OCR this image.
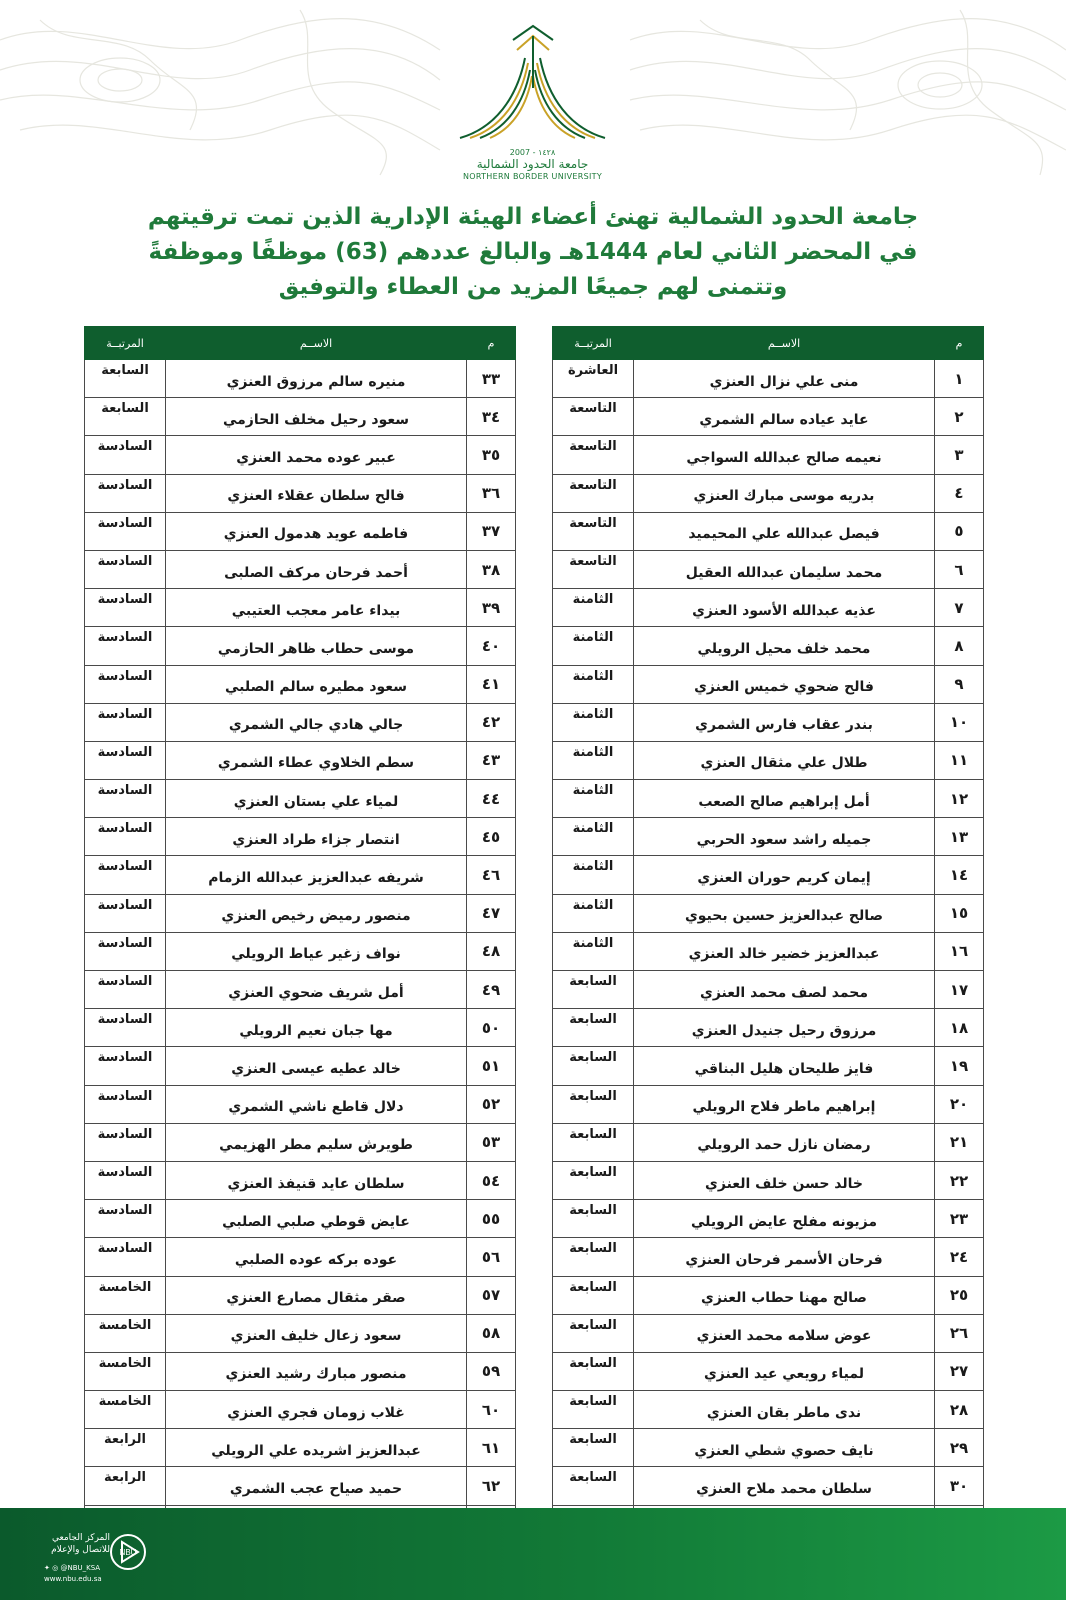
2007 - ١٤٢٨
جامعة الحدود الشمالية
NORTHERN BORDER UNIVERSITY
جامعة الحدود الشمالية تهنئ أعضاء الهيئة الإدارية الذين تمت ترقيتهم
في المحضر الثاني لعام 1444هـ والبالغ عددهم (63) موظفًا وموظفةً
وتتمنى لهم جميعًا المزيد من العطاء والتوفيق
م	الاســم	المرتبــة
١	منى علي نزال العنزي	العاشرة
٢	عايد عياده سالم الشمري	التاسعة
٣	نعيمه صالح عبدالله السواجي	التاسعة
٤	بدريه موسى مبارك العنزي	التاسعة
٥	فيصل عبدالله علي المحيميد	التاسعة
٦	محمد سليمان عبدالله العقيل	التاسعة
٧	عذيه عبدالله الأسود العنزي	الثامنة
٨	محمد خلف محيل الرويلي	الثامنة
٩	فالح ضحوي خميس العنزي	الثامنة
١٠	بندر عقاب فارس الشمري	الثامنة
١١	طلال علي مثقال العنزي	الثامنة
١٢	أمل إبراهيم صالح الصعب	الثامنة
١٣	جميله راشد سعود الحربي	الثامنة
١٤	إيمان كريم حوران العنزي	الثامنة
١٥	صالح عبدالعزيز حسين بحيوي	الثامنة
١٦	عبدالعزيز خضير خالد العنزي	الثامنة
١٧	محمد لصف محمد العنزي	السابعة
١٨	مرزوق رحيل جنيدل العنزي	السابعة
١٩	فايز طليحان هليل البناقي	السابعة
٢٠	إبراهيم ماطر فلاح الرويلي	السابعة
٢١	رمضان نازل حمد الرويلي	السابعة
٢٢	خالد حسن خلف العنزي	السابعة
٢٣	مزيونه مفلح عايض الرويلي	السابعة
٢٤	فرحان الأسمر فرحان العنزي	السابعة
٢٥	صالح مهنا حطاب العنزي	السابعة
٢٦	عوض سلامه محمد العنزي	السابعة
٢٧	لمياء رويعي عيد العنزي	السابعة
٢٨	ندى ماطر بقان العنزي	السابعة
٢٩	نايف حصوي شطي العنزي	السابعة
٣٠	سلطان محمد ملاح العنزي	السابعة

م	الاســم	المرتبــة
٣٣	منيره سالم مرزوق العنزي	السابعة
٣٤	سعود رحيل مخلف الحازمي	السابعة
٣٥	عبير عوده محمد العنزي	السادسة
٣٦	فالح سلطان عقلاء العنزي	السادسة
٣٧	فاطمه عويد هدمول العنزي	السادسة
٣٨	أحمد فرحان مركف الصلبى	السادسة
٣٩	بيداء عامر معجب العتيبي	السادسة
٤٠	موسى حطاب ظاهر الحازمي	السادسة
٤١	سعود مطيره سالم الصلبي	السادسة
٤٢	جالي هادي جالي الشمري	السادسة
٤٣	سطم الخلاوي عطاء الشمري	السادسة
٤٤	لمياء علي بستان العنزي	السادسة
٤٥	انتصار جزاء طراد العنزي	السادسة
٤٦	شريفه عبدالعزيز عبدالله الزمام	السادسة
٤٧	منصور رميض رخيص العنزي	السادسة
٤٨	نواف زغير عياط الرويلي	السادسة
٤٩	أمل شريف ضحوي العنزي	السادسة
٥٠	مها جبان نعيم الرويلي	السادسة
٥١	خالد عطيه عيسى العنزي	السادسة
٥٢	دلال قاطع ناشي الشمري	السادسة
٥٣	طويرش سليم مطر الهزيمي	السادسة
٥٤	سلطان عايد قنيفذ العنزي	السادسة
٥٥	عايض قوطي صلبي الصلبي	السادسة
٥٦	عوده بركه عوده الصلبي	السادسة
٥٧	صقر مثقال مصارع العنزي	الخامسة
٥٨	سعود زعال خليف العنزي	الخامسة
٥٩	منصور مبارك رشيد العنزي	الخامسة
٦٠	غلاب زومان فجري العنزي	الخامسة
٦١	عبدالعزيز اشريده علي الرويلي	الرابعة
٦٢	حميد صياح عجب الشمري	الرابعة

NBU
المركز الجامعي
للاتصال والإعلام
✦ ◎ @NBU_KSA
www.nbu.edu.sa
